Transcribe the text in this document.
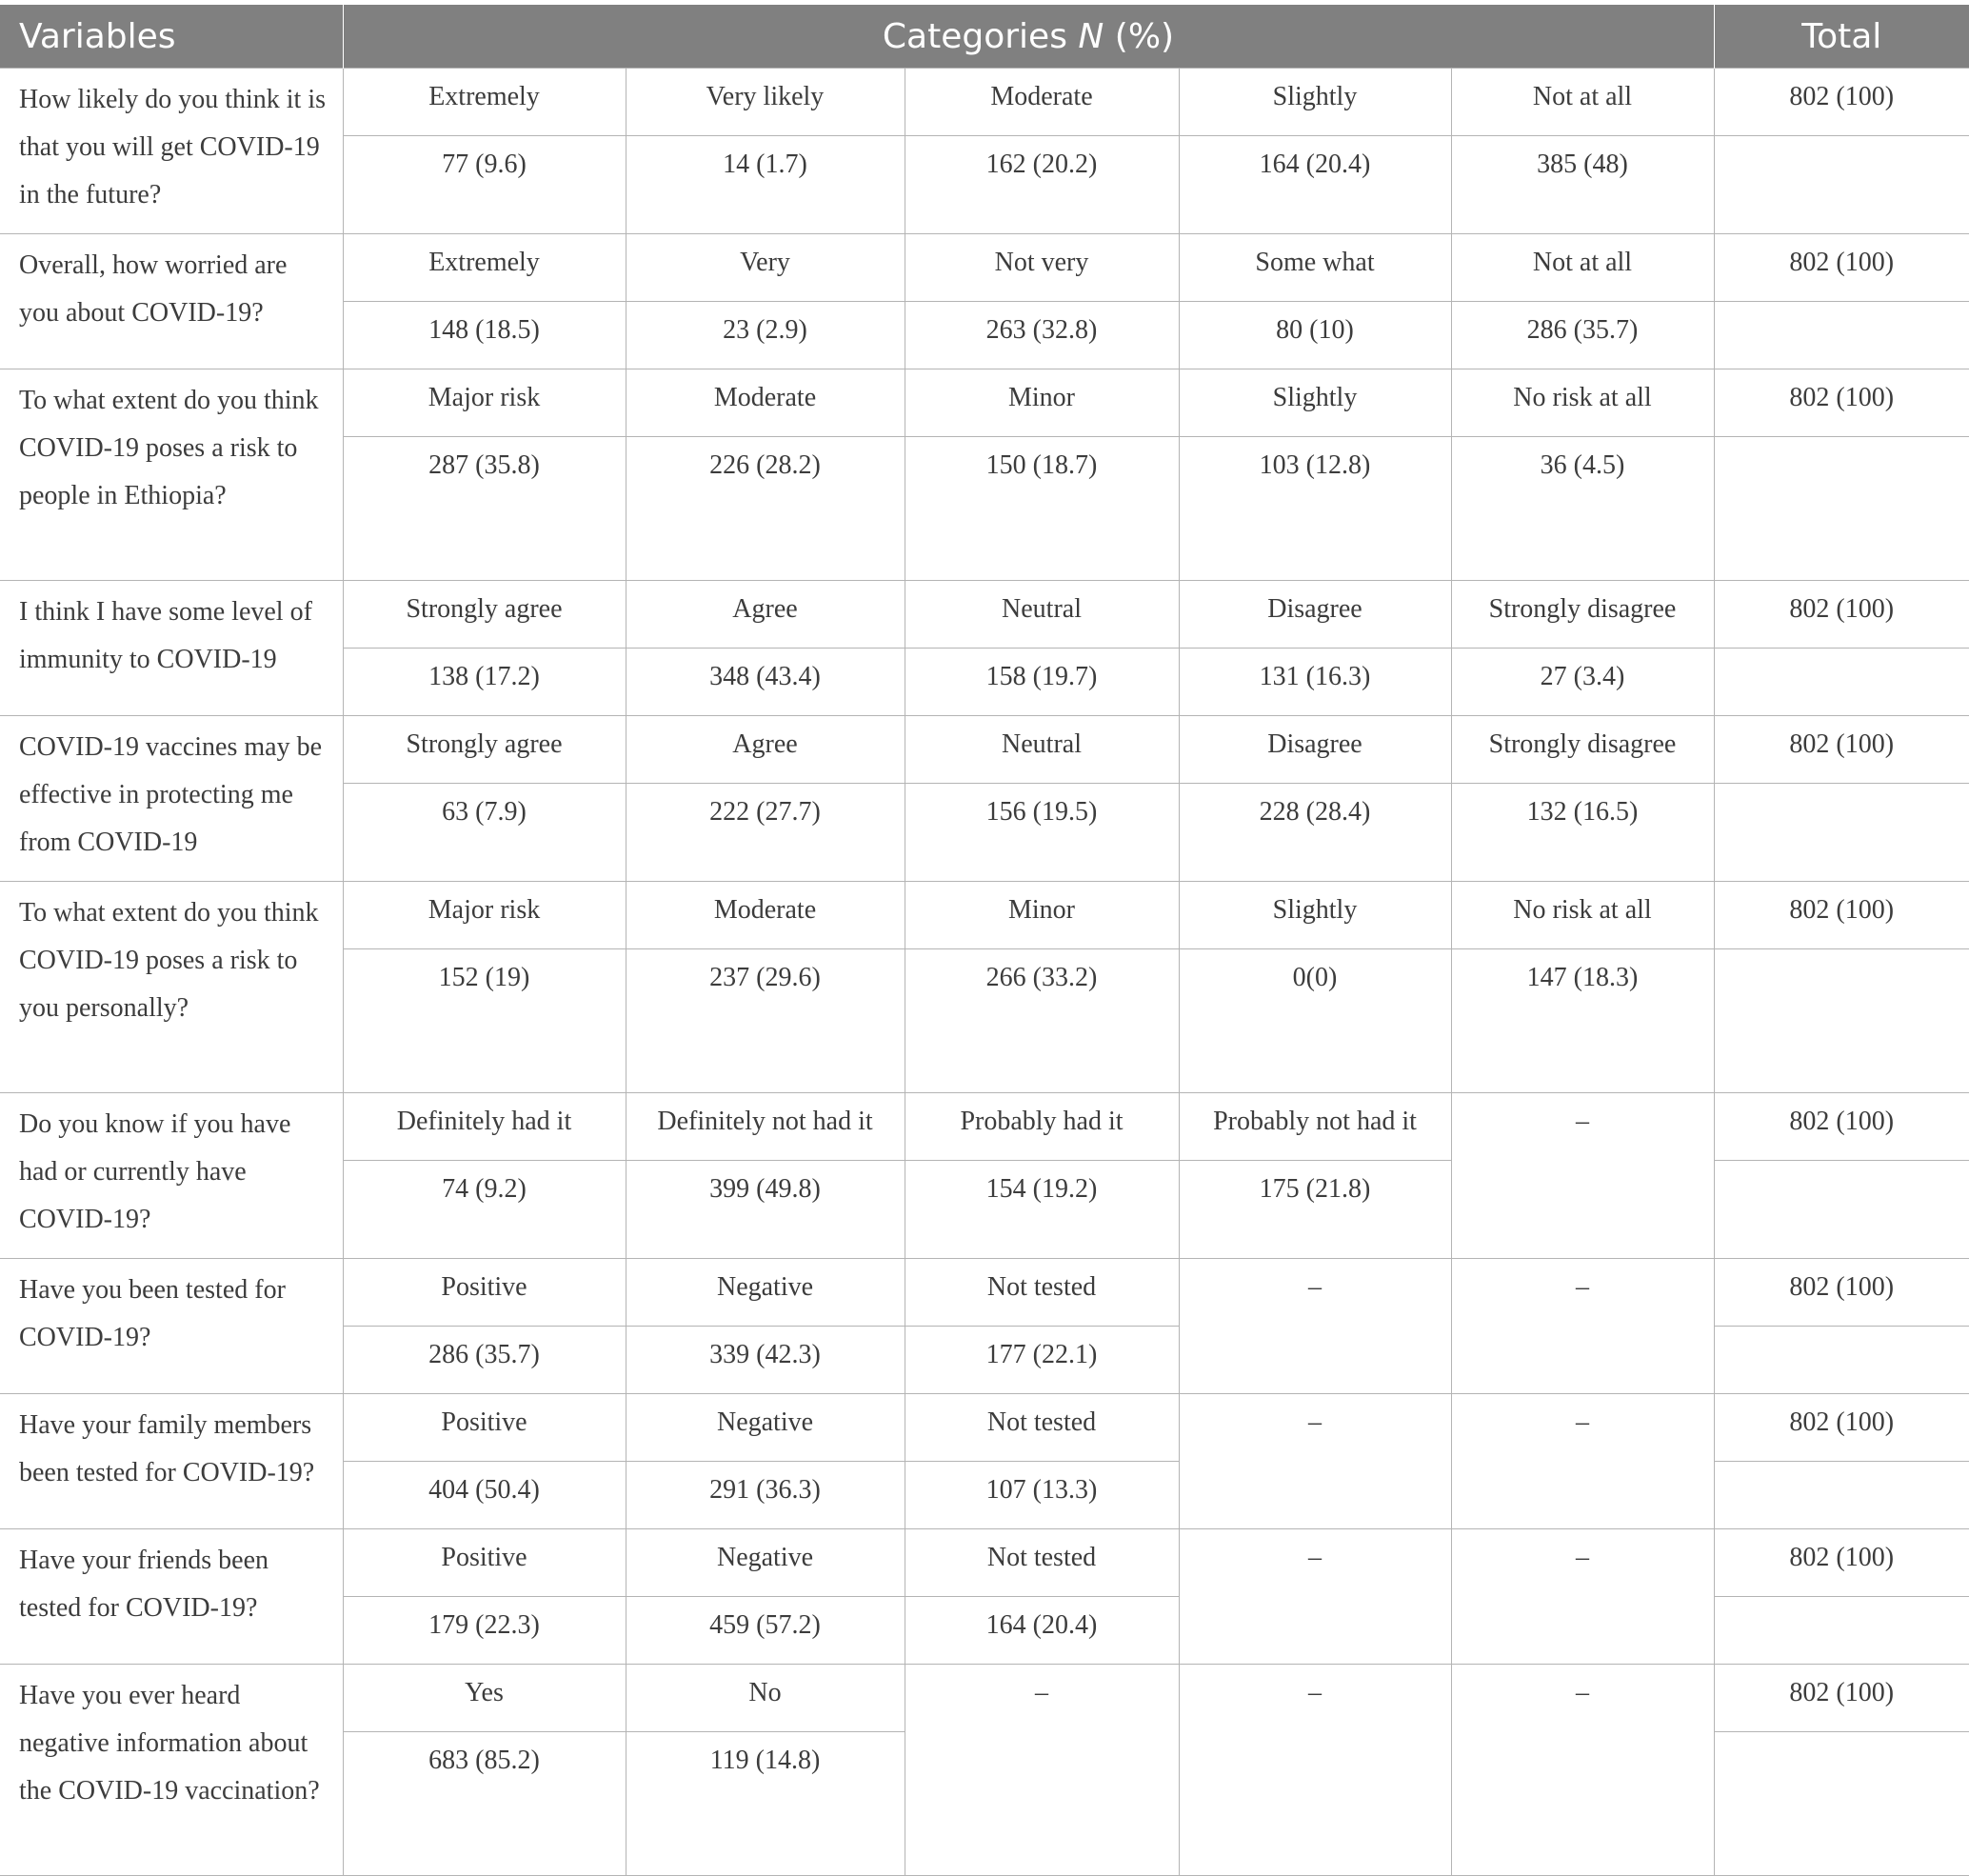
Variables	Categories N (%)					Total
How likely do you think it is that you will get COVID-19 in the future?	Extremely	Very likely	Moderate	Slightly	Not at all	802 (100)
	77 (9.6)	14 (1.7)	162 (20.2)	164 (20.4)	385 (48)	
Overall, how worried are you about COVID-19?	Extremely	Very	Not very	Some what	Not at all	802 (100)
	148 (18.5)	23 (2.9)	263 (32.8)	80 (10)	286 (35.7)	
To what extent do you think COVID-19 poses a risk to people in Ethiopia?	Major risk	Moderate	Minor	Slightly	No risk at all	802 (100)
	287 (35.8)	226 (28.2)	150 (18.7)	103 (12.8)	36 (4.5)	
I think I have some level of immunity to COVID-19	Strongly agree	Agree	Neutral	Disagree	Strongly disagree	802 (100)
	138 (17.2)	348 (43.4)	158 (19.7)	131 (16.3)	27 (3.4)	
COVID-19 vaccines may be effective in protecting me from COVID-19	Strongly agree	Agree	Neutral	Disagree	Strongly disagree	802 (100)
	63 (7.9)	222 (27.7)	156 (19.5)	228 (28.4)	132 (16.5)	
To what extent do you think COVID-19 poses a risk to you personally?	Major risk	Moderate	Minor	Slightly	No risk at all	802 (100)
	152 (19)	237 (29.6)	266 (33.2)	0(0)	147 (18.3)	
Do you know if you have had or currently have COVID-19?	Definitely had it	Definitely not had it	Probably had it	Probably not had it	–	802 (100)
	74 (9.2)	399 (49.8)	154 (19.2)	175 (21.8)		
Have you been tested for COVID-19?	Positive	Negative	Not tested	–	–	802 (100)
	286 (35.7)	339 (42.3)	177 (22.1)			
Have your family members been tested for COVID-19?	Positive	Negative	Not tested	–	–	802 (100)
	404 (50.4)	291 (36.3)	107 (13.3)			
Have your friends been tested for COVID-19?	Positive	Negative	Not tested	–	–	802 (100)
	179 (22.3)	459 (57.2)	164 (20.4)			
Have you ever heard negative information about the COVID-19 vaccination?	Yes	No	–	–	–	802 (100)
	683 (85.2)	119 (14.8)				
